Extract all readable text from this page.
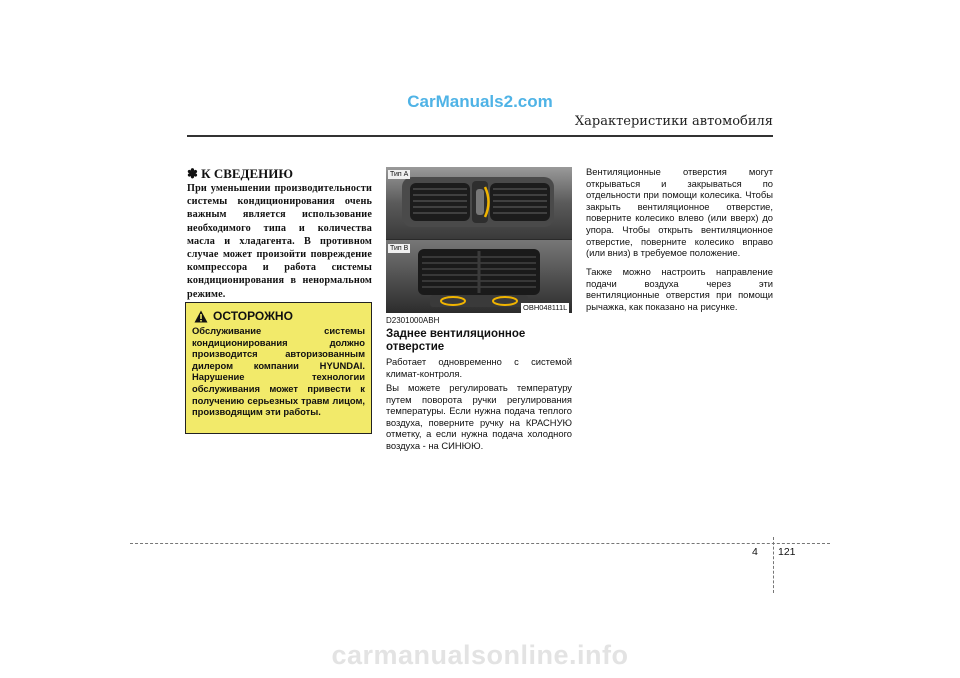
CarManuals2.com
Характеристики автомобиля
✽ К СВЕДЕНИЮ
При уменьшении производительности системы кондиционирования очень важным является использование необходимого типа и количества масла и хладагента. В противном случае может произойти повреждение компрессора и работа системы кондиционирования в ненормальном режиме.
ОСТОРОЖНО
Обслуживание системы кондиционирования должно производится авторизованным дилером компании HYUNDAI. Нарушение технологии обслуживания может привести к получению серьезных травм лицом, производящим эти работы.
Тип А
Тип В
OBH048111L
D2301000ABH
Заднее вентиляционное отверстие
Работает одновременно с системой климат-контроля.
Вы можете регулировать температуру путем поворота ручки регулирования температуры. Если нужна подача теплого воздуха, поверните ручку на КРАСНУЮ отметку, а если нужна подача холодного воздуха - на СИНЮЮ.
Вентиляционные отверстия могут открываться и закрываться по отдельности при помощи колесика. Чтобы закрыть вентиляционное отверстие, поверните колесико влево (или вверх) до упора. Чтобы открыть вентиляционное отверстие, поверните колесико вправо (или вниз) в требуемое положение.
Также можно настроить направление подачи воздуха через эти вентиляционные отверстия при помощи рычажка, как показано на рисунке.
4 121
carmanualsonline.info
